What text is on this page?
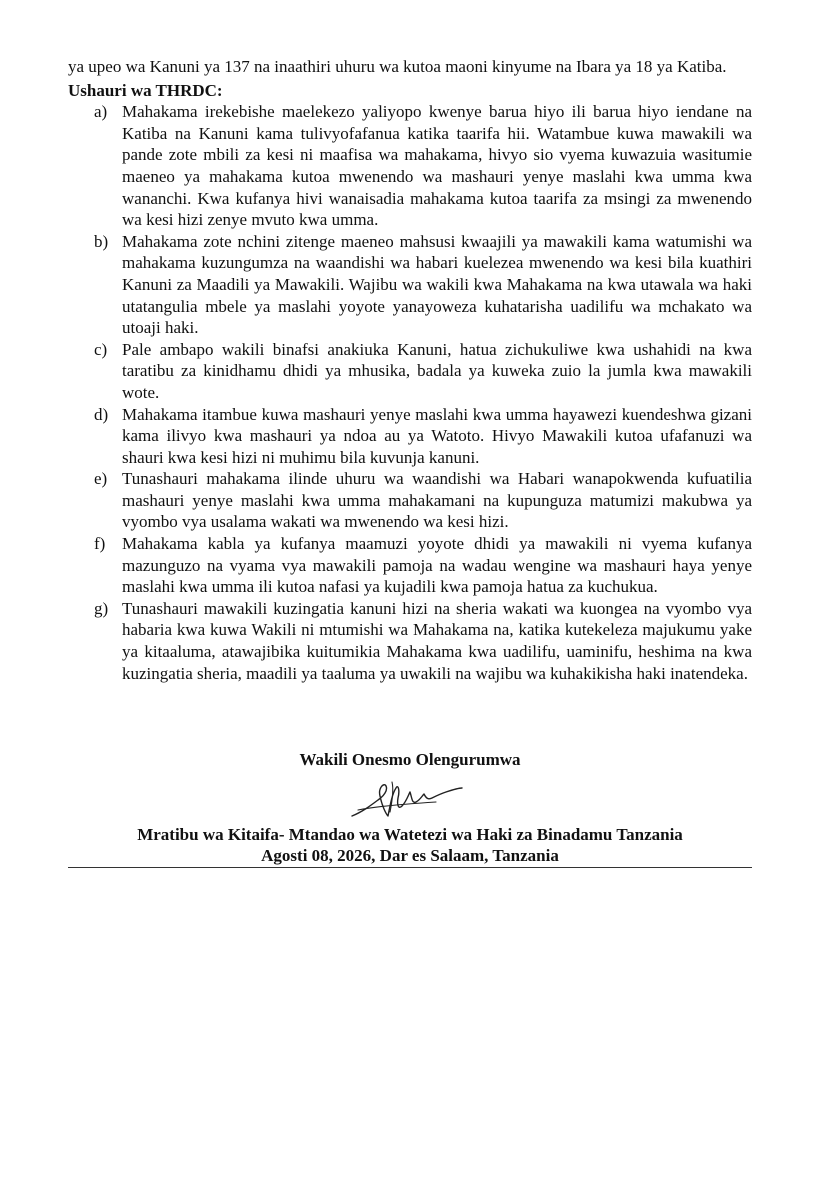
ya upeo wa Kanuni ya 137 na inaathiri uhuru wa kutoa maoni kinyume na Ibara ya 18 ya Katiba.

Ushauri wa THRDC:

a) Mahakama irekebishe maelekezo yaliyopo kwenye barua hiyo ili barua hiyo iendane na Katiba na Kanuni kama tulivyofafanua katika taarifa hii. Watambue kuwa mawakili wa pande zote mbili za kesi ni maafisa wa mahakama, hivyo sio vyema kuwazuia wasitumie maeneo ya mahakama kutoa mwenendo wa mashauri yenye maslahi kwa umma kwa wananchi. Kwa kufanya hivi wanaisadia mahakama kutoa taarifa za msingi za mwenendo wa kesi hizi zenye mvuto kwa umma.
b) Mahakama zote nchini zitenge maeneo mahsusi kwaajili ya mawakili kama watumishi wa mahakama kuzungumza na waandishi wa habari kuelezea mwenendo wa kesi bila kuathiri Kanuni za Maadili ya Mawakili. Wajibu wa wakili kwa Mahakama na kwa utawala wa haki utatangulia mbele ya maslahi yoyote yanayoweza kuhatarisha uadilifu wa mchakato wa utoaji haki.
c) Pale ambapo wakili binafsi anakiuka Kanuni, hatua zichukuliwe kwa ushahidi na kwa taratibu za kinidhamu dhidi ya mhusika, badala ya kuweka zuio la jumla kwa mawakili wote.
d) Mahakama itambue kuwa mashauri yenye maslahi kwa umma hayawezi kuendeshwa gizani kama ilivyo kwa mashauri ya ndoa au ya Watoto. Hivyo Mawakili kutoa ufafanuzi wa shauri kwa kesi hizi ni muhimu bila kuvunja kanuni.
e) Tunashauri mahakama ilinde uhuru wa waandishi wa Habari wanapokwenda kufuatilia mashauri yenye maslahi kwa umma mahakamani na kupunguza matumizi makubwa ya vyombo vya usalama wakati wa mwenendo wa kesi hizi.
f) Mahakama kabla ya kufanya maamuzi yoyote dhidi ya mawakili ni vyema kufanya mazunguzo na vyama vya mawakili pamoja na wadau wengine wa mashauri haya yenye maslahi kwa umma ili kutoa nafasi ya kujadili kwa pamoja hatua za kuchukua.
g) Tunashauri mawakili kuzingatia kanuni hizi na sheria wakati wa kuongea na vyombo vya habaria kwa kuwa Wakili ni mtumishi wa Mahakama na, katika kutekeleza majukumu yake ya kitaaluma, atawajibika kuitumikia Mahakama kwa uadilifu, uaminifu, heshima na kwa kuzingatia sheria, maadili ya taaluma ya uwakili na wajibu wa kuhakikisha haki inatendeka.

Wakili Onesmo Olengurumwa

Mratibu wa Kitaifa- Mtandao wa Watetezi wa Haki za Binadamu Tanzania

Agosti 08, 2026, Dar es Salaam, Tanzania
